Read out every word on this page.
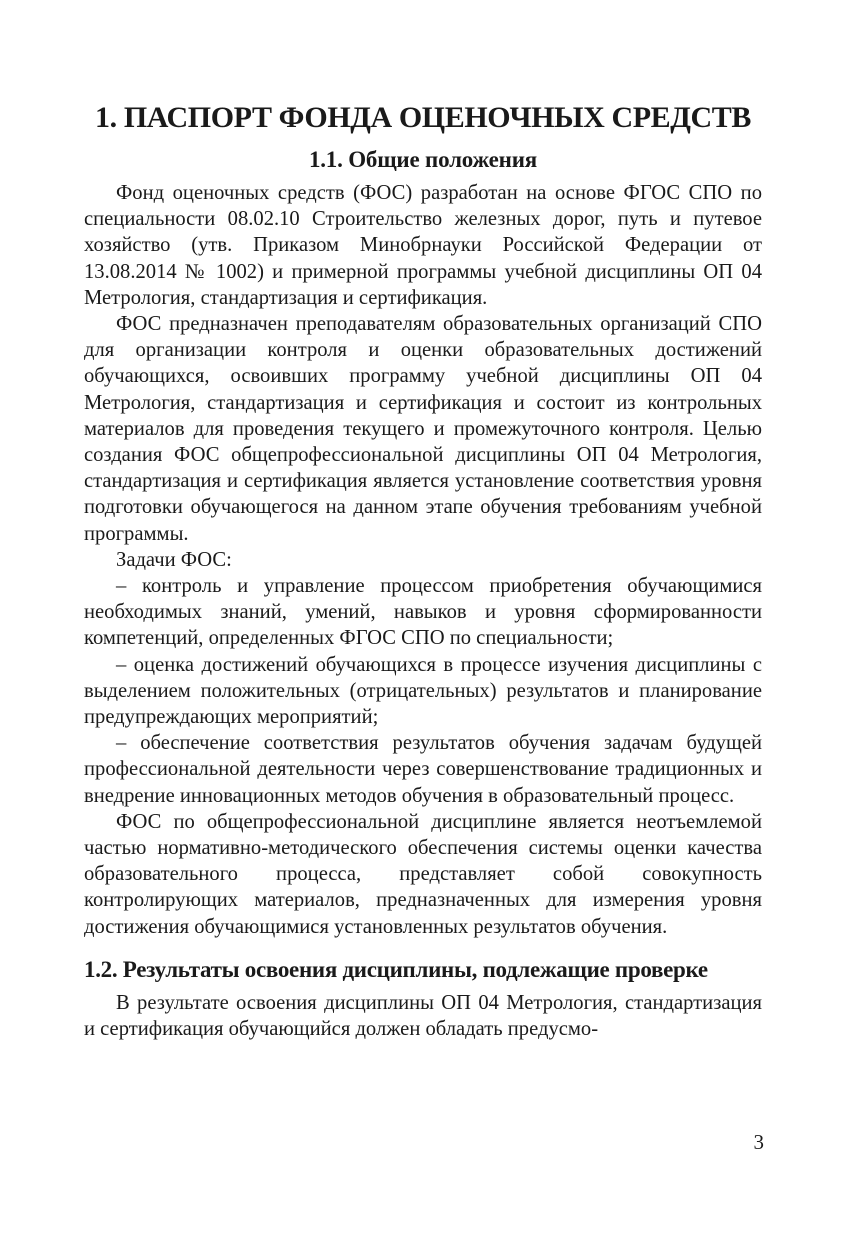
1. ПАСПОРТ ФОНДА ОЦЕНОЧНЫХ СРЕДСТВ
1.1. Общие положения

Фонд оценочных средств (ФОС) разработан на основе ФГОС СПО по специальности 08.02.10 Строительство железных дорог, путь и путевое хозяйство (утв. Приказом Минобрнауки Российской Федерации от 13.08.2014 № 1002) и примерной программы учебной дисциплины ОП 04 Метрология, стандартизация и сертификация.

ФОС предназначен преподавателям образовательных организаций СПО для организации контроля и оценки образовательных достижений обучающихся, освоивших программу учебной дисциплины ОП 04 Метрология, стандартизация и сертификация и состоит из контрольных материалов для проведения текущего и промежуточного контроля. Целью создания ФОС общепрофессиональной дисциплины ОП 04 Метрология, стандартизация и сертификация является установление соответствия уровня подготовки обучающегося на данном этапе обучения требованиям учебной программы.

Задачи ФОС:

– контроль и управление процессом приобретения обучающимися необходимых знаний, умений, навыков и уровня сформированности компетенций, определенных ФГОС СПО по специальности;

– оценка достижений обучающихся в процессе изучения дисциплины с выделением положительных (отрицательных) результатов и планирование предупреждающих мероприятий;

– обеспечение соответствия результатов обучения задачам будущей профессиональной деятельности через совершенствование традиционных и внедрение инновационных методов обучения в образовательный процесс.

ФОС по общепрофессиональной дисциплине является неотъемлемой частью нормативно-методического обеспечения системы оценки качества образовательного процесса, представляет собой совокупность контролирующих материалов, предназначенных для измерения уровня достижения обучающимися установленных результатов обучения.

1.2. Результаты освоения дисциплины, подлежащие проверке

В результате освоения дисциплины ОП 04 Метрология, стандартизация и сертификация обучающийся должен обладать предусмо-

3
